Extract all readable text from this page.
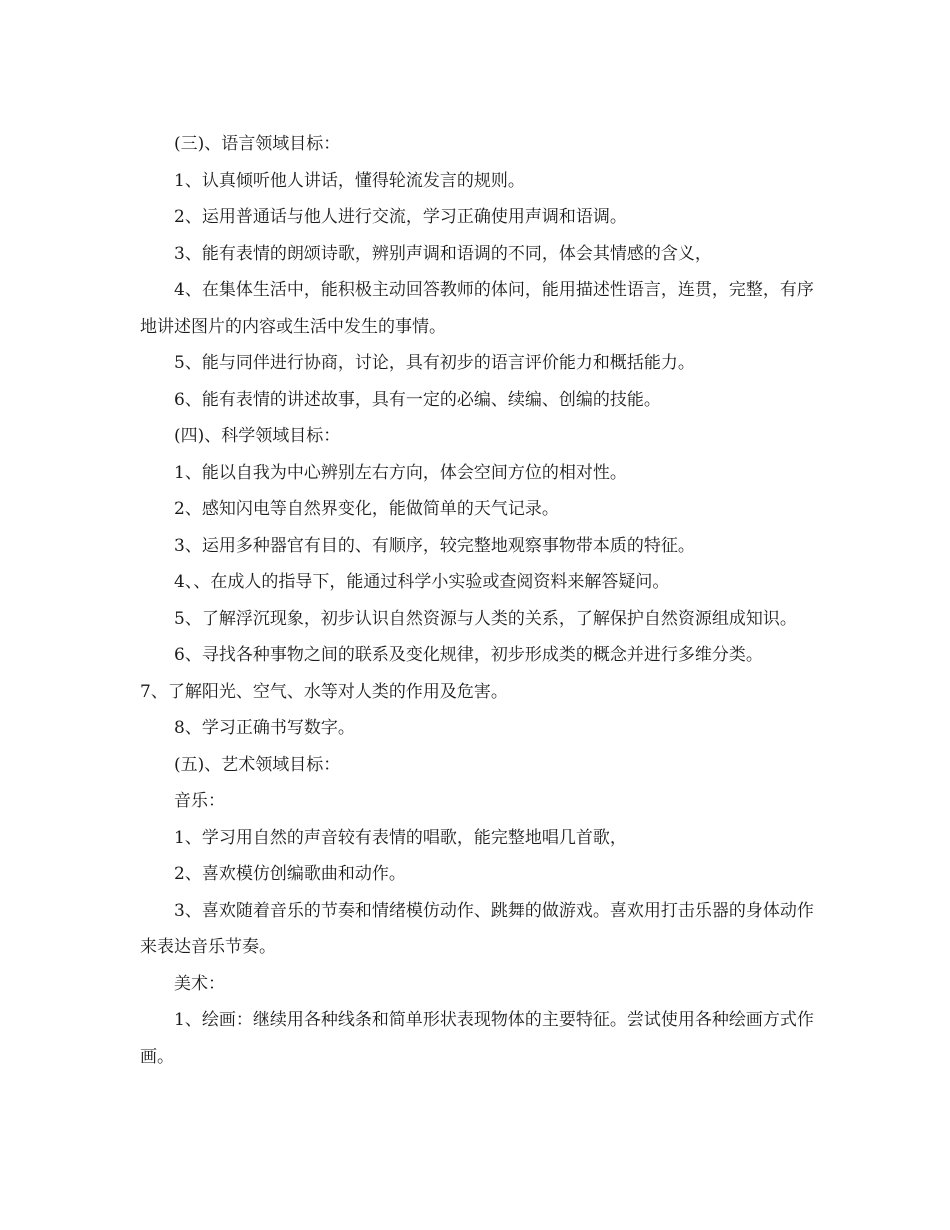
(三)、语言领域目标：

1、认真倾听他人讲话，懂得轮流发言的规则。

2、运用普通话与他人进行交流，学习正确使用声调和语调。

3、能有表情的朗颂诗歌，辨别声调和语调的不同，体会其情感的含义，

4、在集体生活中，能积极主动回答教师的体问，能用描述性语言，连贯，完整，有序地讲述图片的内容或生活中发生的事情。

5、能与同伴进行协商，讨论，具有初步的语言评价能力和概括能力。

6、能有表情的讲述故事，具有一定的必编、续编、创编的技能。

(四)、科学领域目标：

1、能以自我为中心辨别左右方向，体会空间方位的相对性。

2、感知闪电等自然界变化，能做简单的天气记录。

3、运用多种器官有目的、有顺序，较完整地观察事物带本质的特征。

4、、在成人的指导下，能通过科学小实验或查阅资料来解答疑问。

5、了解浮沉现象，初步认识自然资源与人类的关系，了解保护自然资源组成知识。

6、寻找各种事物之间的联系及变化规律，初步形成类的概念并进行多维分类。

7、了解阳光、空气、水等对人类的作用及危害。

8、学习正确书写数字。

(五)、艺术领域目标：

音乐：

1、学习用自然的声音较有表情的唱歌，能完整地唱几首歌，

2、喜欢模仿创编歌曲和动作。

3、喜欢随着音乐的节奏和情绪模仿动作、跳舞的做游戏。喜欢用打击乐器的身体动作来表达音乐节奏。

美术：

1、绘画：继续用各种线条和简单形状表现物体的主要特征。尝试使用各种绘画方式作画。
